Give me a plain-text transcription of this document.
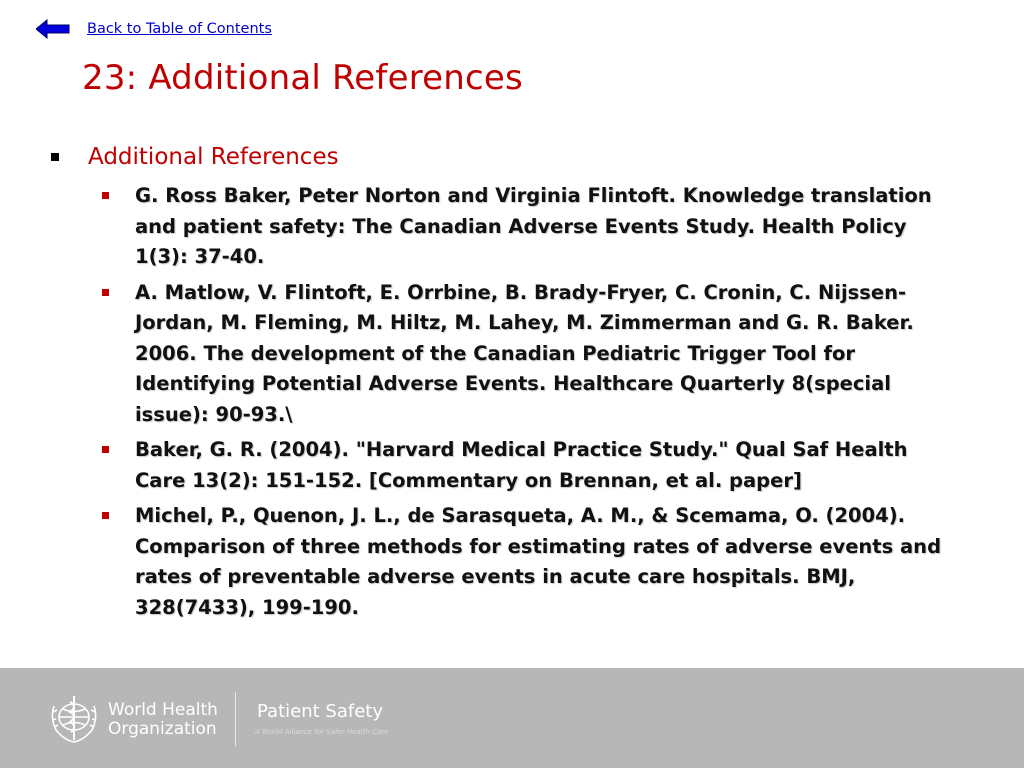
Back to Table of Contents
23: Additional References
Additional References
G. Ross Baker, Peter Norton and Virginia Flintoft. Knowledge translation and patient safety: The Canadian Adverse Events Study. Health Policy 1(3): 37-40.
A. Matlow, V. Flintoft, E. Orrbine, B. Brady-Fryer, C. Cronin, C. Nijssen-Jordan, M. Fleming, M. Hiltz, M. Lahey, M. Zimmerman and G. R. Baker. 2006. The development of the Canadian Pediatric Trigger Tool for Identifying Potential Adverse Events. Healthcare Quarterly 8(special issue): 90-93.\
Baker, G. R. (2004). "Harvard Medical Practice Study." Qual Saf Health Care 13(2): 151-152. [Commentary on Brennan, et al. paper]
Michel, P., Quenon, J. L., de Sarasqueta, A. M., & Scemama, O. (2004). Comparison of three methods for estimating rates of adverse events and rates of preventable adverse events in acute care hospitals. BMJ, 328(7433), 199-190.
World Health
Organization
Patient Safety
A World Alliance for Safer Health Care
